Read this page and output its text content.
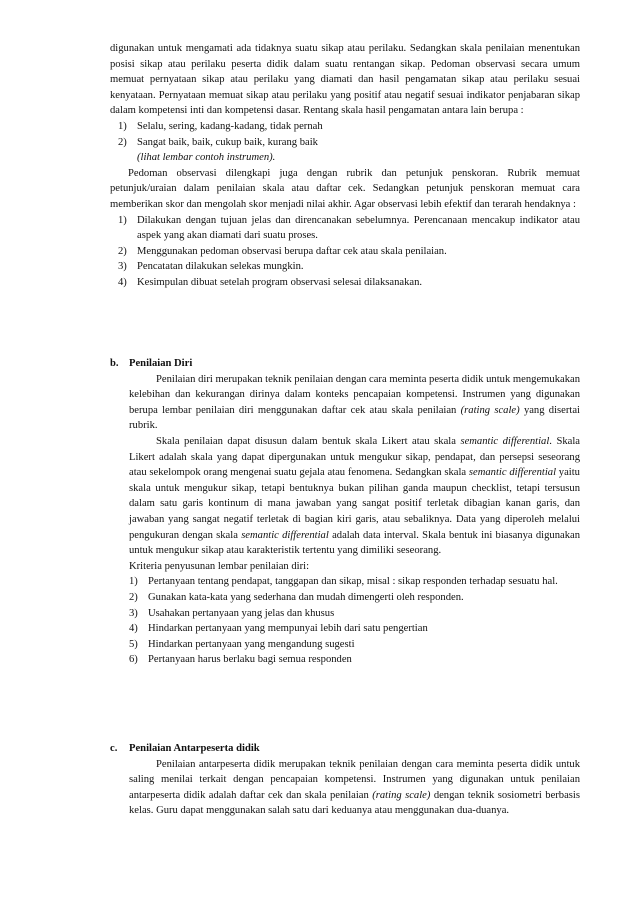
digunakan untuk mengamati ada tidaknya suatu sikap atau perilaku. Sedangkan skala penilaian menentukan posisi sikap atau perilaku peserta didik dalam suatu rentangan sikap. Pedoman observasi secara umum memuat pernyataan sikap atau perilaku yang diamati dan hasil pengamatan sikap atau perilaku sesuai kenyataan. Pernyataan memuat sikap atau perilaku yang positif atau negatif sesuai indikator penjabaran sikap dalam kompetensi inti dan kompetensi dasar. Rentang skala hasil pengamatan antara lain berupa :

1) Selalu, sering, kadang-kadang, tidak pernah
2) Sangat baik, baik, cukup baik, kurang baik

(lihat lembar contoh instrumen).

Pedoman observasi dilengkapi juga dengan rubrik dan petunjuk penskoran. Rubrik memuat petunjuk/uraian dalam penilaian skala atau daftar cek. Sedangkan petunjuk penskoran memuat cara memberikan skor dan mengolah skor menjadi nilai akhir. Agar observasi lebih efektif dan terarah hendaknya :

1) Dilakukan dengan tujuan jelas dan direncanakan sebelumnya. Perencanaan mencakup indikator atau aspek yang akan diamati dari suatu proses.
2) Menggunakan pedoman observasi berupa daftar cek atau skala penilaian.
3) Pencatatan dilakukan selekas mungkin.
4) Kesimpulan dibuat setelah program observasi selesai dilaksanakan.

b. Penilaian Diri

Penilaian diri merupakan teknik penilaian dengan cara meminta peserta didik untuk mengemukakan kelebihan dan kekurangan dirinya dalam konteks pencapaian kompetensi. Instrumen yang digunakan berupa lembar penilaian diri menggunakan daftar cek atau skala penilaian (rating scale) yang disertai rubrik.

Skala penilaian dapat disusun dalam bentuk skala Likert atau skala semantic differential. Skala Likert adalah skala yang dapat dipergunakan untuk mengukur sikap, pendapat, dan persepsi seseorang atau sekelompok orang mengenai suatu gejala atau fenomena. Sedangkan skala semantic differential yaitu skala untuk mengukur sikap, tetapi bentuknya bukan pilihan ganda maupun checklist, tetapi tersusun dalam satu garis kontinum di mana jawaban yang sangat positif terletak dibagian kanan garis, dan jawaban yang sangat negatif terletak di bagian kiri garis, atau sebaliknya. Data yang diperoleh melalui pengukuran dengan skala semantic differential adalah data interval. Skala bentuk ini biasanya digunakan untuk mengukur sikap atau karakteristik tertentu yang dimiliki seseorang.

Kriteria penyusunan lembar penilaian diri:

1) Pertanyaan tentang pendapat, tanggapan dan sikap, misal : sikap responden terhadap sesuatu hal.
2) Gunakan kata-kata yang sederhana dan mudah dimengerti oleh responden.
3) Usahakan pertanyaan yang jelas dan khusus
4) Hindarkan pertanyaan yang mempunyai lebih dari satu pengertian
5) Hindarkan pertanyaan yang mengandung sugesti
6) Pertanyaan harus berlaku bagi semua responden

c. Penilaian Antarpeserta didik

Penilaian antarpeserta didik merupakan teknik penilaian dengan cara meminta peserta didik untuk saling menilai terkait dengan pencapaian kompetensi. Instrumen yang digunakan untuk penilaian antarpeserta didik adalah daftar cek dan skala penilaian (rating scale) dengan teknik sosiometri berbasis kelas. Guru dapat menggunakan salah satu dari keduanya atau menggunakan dua-duanya.
